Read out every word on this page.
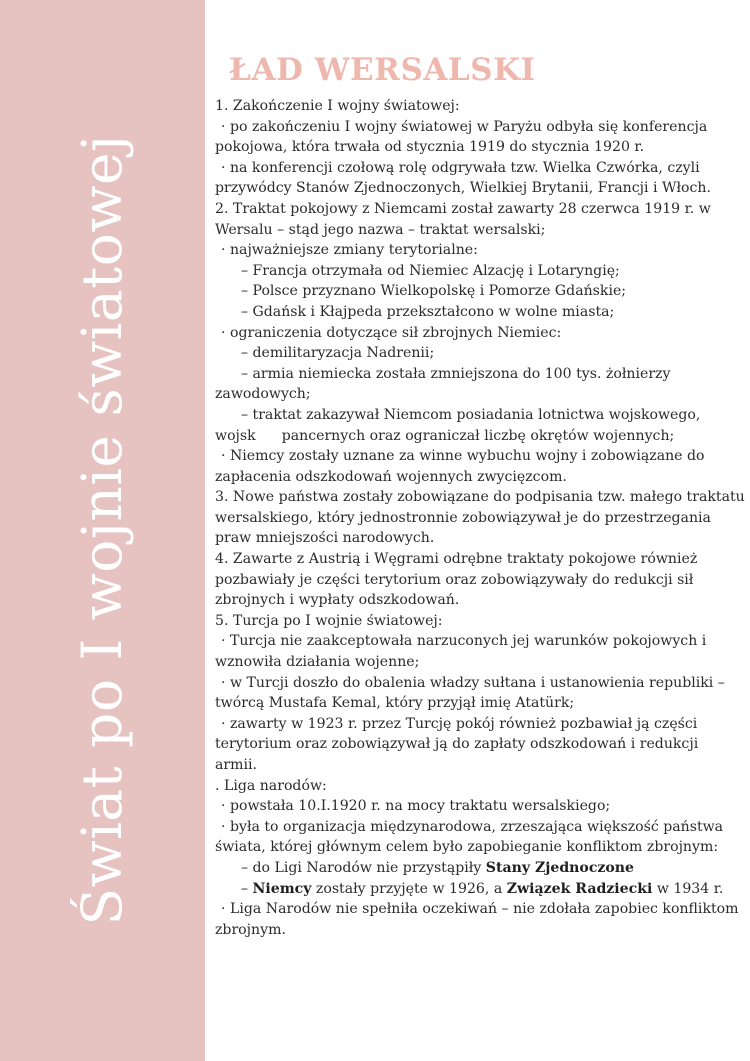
Świat po I wojnie światowej
ŁAD WERSALSKI
1. Zakończenie I wojny światowej:
· po zakończeniu I wojny światowej w Paryżu odbyła się konferencja
pokojowa, która trwała od stycznia 1919 do stycznia 1920 r.
· na konferencji czołową rolę odgrywała tzw. Wielka Czwórka, czyli
przywódcy Stanów Zjednoczonych, Wielkiej Brytanii, Francji i Włoch.
2. Traktat pokojowy z Niemcami został zawarty 28 czerwca 1919 r. w
Wersalu – stąd jego nazwa – traktat wersalski;
· najważniejsze zmiany terytorialne:
– Francja otrzymała od Niemiec Alzację i Lotaryngię;
– Polsce przyznano Wielkopolskę i Pomorze Gdańskie;
– Gdańsk i Kłajpeda przekształcono w wolne miasta;
· ograniczenia dotyczące sił zbrojnych Niemiec:
– demilitaryzacja Nadrenii;
– armia niemiecka została zmniejszona do 100 tys. żołnierzy
zawodowych;
– traktat zakazywał Niemcom posiadania lotnictwa wojskowego,
wojsk pancernych oraz ograniczał liczbę okrętów wojennych;
· Niemcy zostały uznane za winne wybuchu wojny i zobowiązane do
zapłacenia odszkodowań wojennych zwycięzcom.
3. Nowe państwa zostały zobowiązane do podpisania tzw. małego traktatu
wersalskiego, który jednostronnie zobowiązywał je do przestrzegania
praw mniejszości narodowych.
4. Zawarte z Austrią i Węgrami odrębne traktaty pokojowe również
pozbawiały je części terytorium oraz zobowiązywały do redukcji sił
zbrojnych i wypłaty odszkodowań.
5. Turcja po I wojnie światowej:
· Turcja nie zaakceptowała narzuconych jej warunków pokojowych i
wznowiła działania wojenne;
· w Turcji doszło do obalenia władzy sułtana i ustanowienia republiki –
twórcą Mustafa Kemal, który przyjął imię Atatürk;
· zawarty w 1923 r. przez Turcję pokój również pozbawiał ją części
terytorium oraz zobowiązywał ją do zapłaty odszkodowań i redukcji
armii.
. Liga narodów:
· powstała 10.I.1920 r. na mocy traktatu wersalskiego;
· była to organizacja międzynarodowa, zrzeszająca większość państwa
świata, której głównym celem było zapobieganie konfliktom zbrojnym:
– do Ligi Narodów nie przystąpiły Stany Zjednoczone
– Niemcy zostały przyjęte w 1926, a Związek Radziecki w 1934 r.
· Liga Narodów nie spełniła oczekiwań – nie zdołała zapobiec konfliktom
zbrojnym.
